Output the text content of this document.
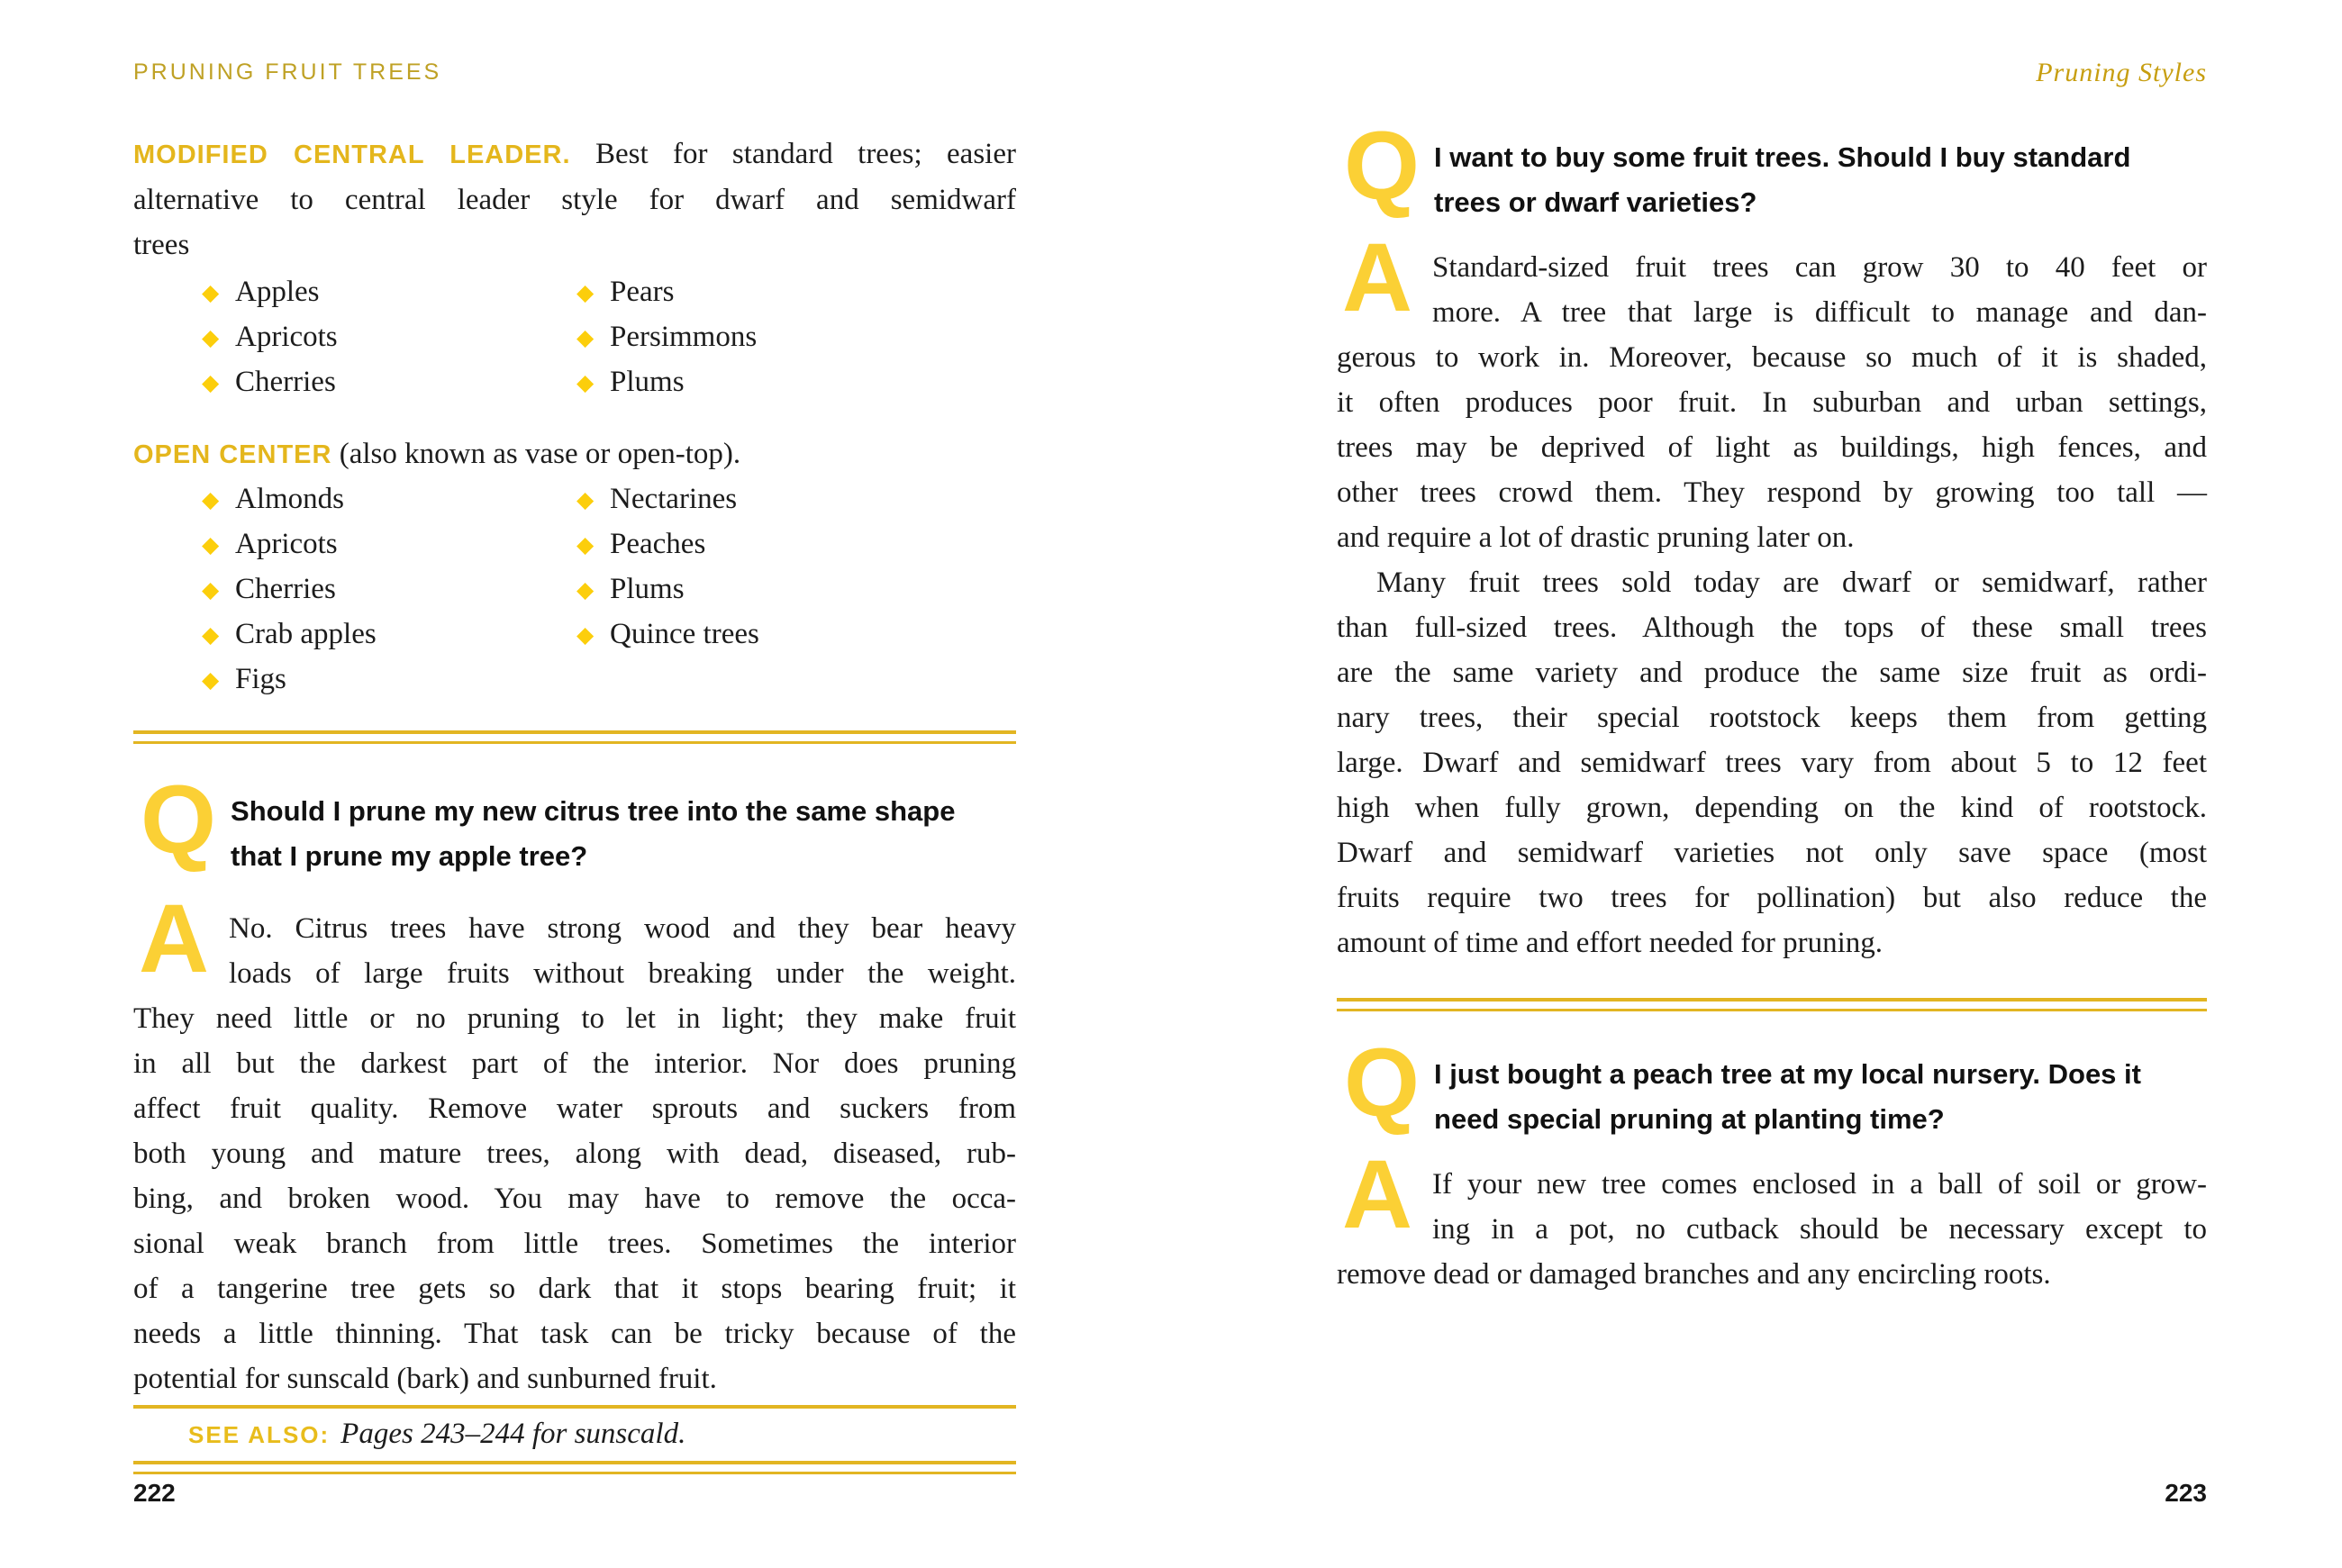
PRUNING FRUIT TREES
MODIFIED CENTRAL LEADER. Best for standard trees; easier
alternative to central leader style for dwarf and semidwarf
trees
◆ Apples
◆ Apricots
◆ Cherries
◆ Pears
◆ Persimmons
◆ Plums
OPEN CENTER (also known as vase or open-top).
◆ Almonds
◆ Apricots
◆ Cherries
◆ Crab apples
◆ Figs
◆ Nectarines
◆ Peaches
◆ Plums
◆ Quince trees
Q Should I prune my new citrus tree into the same shape
that I prune my apple tree?
A No. Citrus trees have strong wood and they bear heavy
loads of large fruits without breaking under the weight.
They need little or no pruning to let in light; they make fruit
in all but the darkest part of the interior. Nor does pruning
affect fruit quality. Remove water sprouts and suckers from
both young and mature trees, along with dead, diseased, rub-
bing, and broken wood. You may have to remove the occa-
sional weak branch from little trees. Sometimes the interior
of a tangerine tree gets so dark that it stops bearing fruit; it
needs a little thinning. That task can be tricky because of the
potential for sunscald (bark) and sunburned fruit.
SEE ALSO: Pages 243–244 for sunscald.
222
Pruning Styles
Q I want to buy some fruit trees. Should I buy standard
trees or dwarf varieties?
A Standard-sized fruit trees can grow 30 to 40 feet or
more. A tree that large is difficult to manage and dan-
gerous to work in. Moreover, because so much of it is shaded,
it often produces poor fruit. In suburban and urban settings,
trees may be deprived of light as buildings, high fences, and
other trees crowd them. They respond by growing too tall —
and require a lot of drastic pruning later on.
Many fruit trees sold today are dwarf or semidwarf, rather
than full-sized trees. Although the tops of these small trees
are the same variety and produce the same size fruit as ordi-
nary trees, their special rootstock keeps them from getting
large. Dwarf and semidwarf trees vary from about 5 to 12 feet
high when fully grown, depending on the kind of rootstock.
Dwarf and semidwarf varieties not only save space (most
fruits require two trees for pollination) but also reduce the
amount of time and effort needed for pruning.
Q I just bought a peach tree at my local nursery. Does it
need special pruning at planting time?
A If your new tree comes enclosed in a ball of soil or grow-
ing in a pot, no cutback should be necessary except to
remove dead or damaged branches and any encircling roots.
223
